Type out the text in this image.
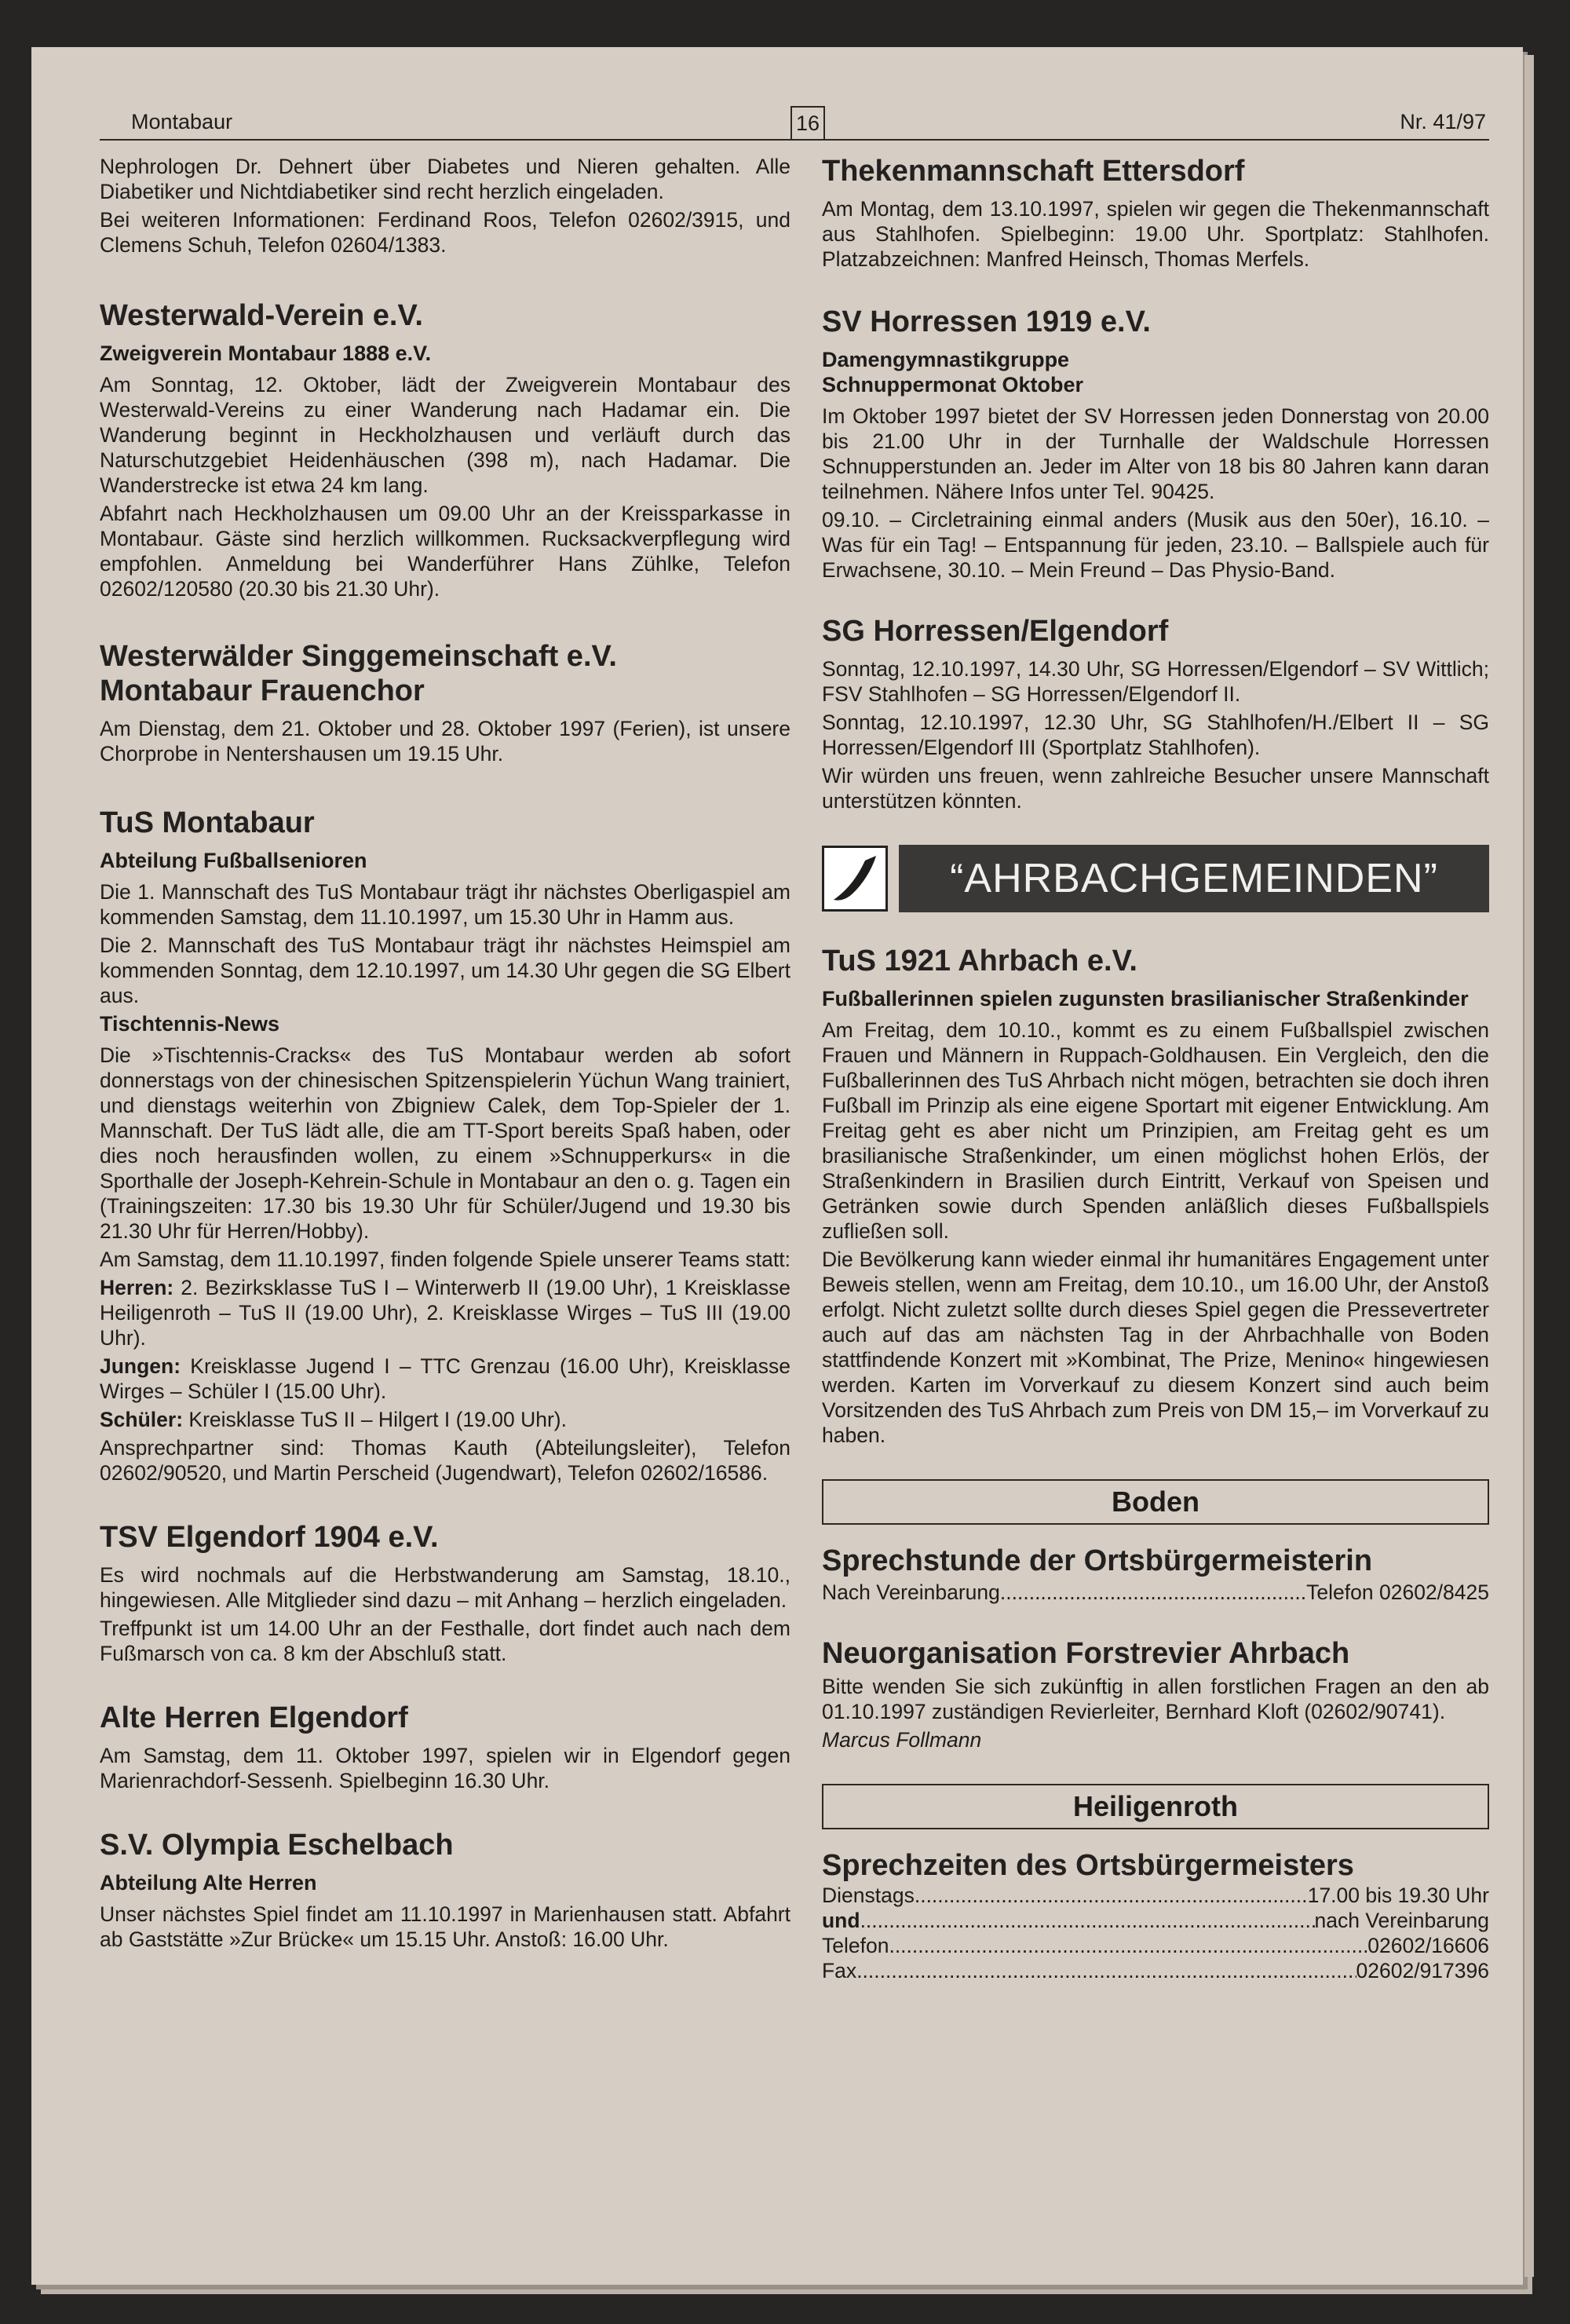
Montabaur	16	Nr. 41/97

Nephrologen Dr. Dehnert über Diabetes und Nieren gehalten. Alle Diabetiker und Nichtdiabetiker sind recht herzlich eingeladen.

Bei weiteren Informationen: Ferdinand Roos, Telefon 02602/3915, und Clemens Schuh, Telefon 02604/1383.

Westerwald-Verein e.V.
Zweigverein Montabaur 1888 e.V.

Am Sonntag, 12. Oktober, lädt der Zweigverein Montabaur des Westerwald-Vereins zu einer Wanderung nach Hadamar ein. Die Wanderung beginnt in Heckholzhausen und verläuft durch das Naturschutzgebiet Heidenhäuschen (398 m), nach Hadamar. Die Wanderstrecke ist etwa 24 km lang.

Abfahrt nach Heckholzhausen um 09.00 Uhr an der Kreissparkasse in Montabaur. Gäste sind herzlich willkommen. Rucksackverpflegung wird empfohlen. Anmeldung bei Wanderführer Hans Zühlke, Telefon 02602/120580 (20.30 bis 21.30 Uhr).

Westerwälder Singgemeinschaft e.V.
Montabaur Frauenchor

Am Dienstag, dem 21. Oktober und 28. Oktober 1997 (Ferien), ist unsere Chorprobe in Nentershausen um 19.15 Uhr.

TuS Montabaur
Abteilung Fußballsenioren

Die 1. Mannschaft des TuS Montabaur trägt ihr nächstes Oberligaspiel am kommenden Samstag, dem 11.10.1997, um 15.30 Uhr in Hamm aus.

Die 2. Mannschaft des TuS Montabaur trägt ihr nächstes Heimspiel am kommenden Sonntag, dem 12.10.1997, um 14.30 Uhr gegen die SG Elbert aus.

Tischtennis-News

Die »Tischtennis-Cracks« des TuS Montabaur werden ab sofort donnerstags von der chinesischen Spitzenspielerin Yüchun Wang trainiert, und dienstags weiterhin von Zbigniew Calek, dem Top-Spieler der 1. Mannschaft. Der TuS lädt alle, die am TT-Sport bereits Spaß haben, oder dies noch herausfinden wollen, zu einem »Schnupperkurs« in die Sporthalle der Joseph-Kehrein-Schule in Montabaur an den o. g. Tagen ein (Trainingszeiten: 17.30 bis 19.30 Uhr für Schüler/Jugend und 19.30 bis 21.30 Uhr für Herren/Hobby).

Am Samstag, dem 11.10.1997, finden folgende Spiele unserer Teams statt:

Herren: 2. Bezirksklasse TuS I – Winterwerb II (19.00 Uhr), 1 Kreisklasse Heiligenroth – TuS II (19.00 Uhr), 2. Kreisklasse Wirges – TuS III (19.00 Uhr).

Jungen: Kreisklasse Jugend I – TTC Grenzau (16.00 Uhr), Kreisklasse Wirges – Schüler I (15.00 Uhr).

Schüler: Kreisklasse TuS II – Hilgert I (19.00 Uhr).

Ansprechpartner sind: Thomas Kauth (Abteilungsleiter), Telefon 02602/90520, und Martin Perscheid (Jugendwart), Telefon 02602/16586.

TSV Elgendorf 1904 e.V.

Es wird nochmals auf die Herbstwanderung am Samstag, 18.10., hingewiesen. Alle Mitglieder sind dazu – mit Anhang – herzlich eingeladen.

Treffpunkt ist um 14.00 Uhr an der Festhalle, dort findet auch nach dem Fußmarsch von ca. 8 km der Abschluß statt.

Alte Herren Elgendorf

Am Samstag, dem 11. Oktober 1997, spielen wir in Elgendorf gegen Marienrachdorf-Sessenh. Spielbeginn 16.30 Uhr.

S.V. Olympia Eschelbach
Abteilung Alte Herren

Unser nächstes Spiel findet am 11.10.1997 in Marienhausen statt. Abfahrt ab Gaststätte »Zur Brücke« um 15.15 Uhr. Anstoß: 16.00 Uhr.

Thekenmannschaft Ettersdorf

Am Montag, dem 13.10.1997, spielen wir gegen die Thekenmannschaft aus Stahlhofen. Spielbeginn: 19.00 Uhr. Sportplatz: Stahlhofen. Platzabzeichnen: Manfred Heinsch, Thomas Merfels.

SV Horressen 1919 e.V.
Damengymnastikgruppe
Schnuppermonat Oktober

Im Oktober 1997 bietet der SV Horressen jeden Donnerstag von 20.00 bis 21.00 Uhr in der Turnhalle der Waldschule Horressen Schnupperstunden an. Jeder im Alter von 18 bis 80 Jahren kann daran teilnehmen. Nähere Infos unter Tel. 90425.

09.10. – Circletraining einmal anders (Musik aus den 50er), 16.10. – Was für ein Tag! – Entspannung für jeden, 23.10. – Ballspiele auch für Erwachsene, 30.10. – Mein Freund – Das Physio-Band.

SG Horressen/Elgendorf

Sonntag, 12.10.1997, 14.30 Uhr, SG Horressen/Elgendorf – SV Wittlich; FSV Stahlhofen – SG Horressen/Elgendorf II.

Sonntag, 12.10.1997, 12.30 Uhr, SG Stahlhofen/H./Elbert II – SG Horressen/Elgendorf III (Sportplatz Stahlhofen).

Wir würden uns freuen, wenn zahlreiche Besucher unsere Mannschaft unterstützen könnten.

“AHRBACHGEMEINDEN”
TuS 1921 Ahrbach e.V.
Fußballerinnen spielen zugunsten brasilianischer Straßenkinder

Am Freitag, dem 10.10., kommt es zu einem Fußballspiel zwischen Frauen und Männern in Ruppach-Goldhausen. Ein Vergleich, den die Fußballerinnen des TuS Ahrbach nicht mögen, betrachten sie doch ihren Fußball im Prinzip als eine eigene Sportart mit eigener Entwicklung. Am Freitag geht es aber nicht um Prinzipien, am Freitag geht es um brasilianische Straßenkinder, um einen möglichst hohen Erlös, der Straßenkindern in Brasilien durch Eintritt, Verkauf von Speisen und Getränken sowie durch Spenden anläßlich dieses Fußballspiels zufließen soll.

Die Bevölkerung kann wieder einmal ihr humanitäres Engagement unter Beweis stellen, wenn am Freitag, dem 10.10., um 16.00 Uhr, der Anstoß erfolgt. Nicht zuletzt sollte durch dieses Spiel gegen die Pressevertreter auch auf das am nächsten Tag in der Ahrbachhalle von Boden stattfindende Konzert mit »Kombinat, The Prize, Menino« hingewiesen werden. Karten im Vorverkauf zu diesem Konzert sind auch beim Vorsitzenden des TuS Ahrbach zum Preis von DM 15,– im Vorverkauf zu haben.

Boden
Sprechstunde der Ortsbürgermeisterin
Nach Vereinbarung .....	Telefon 02602/8425
Neuorganisation Forstrevier Ahrbach

Bitte wenden Sie sich zukünftig in allen forstlichen Fragen an den ab 01.10.1997 zuständigen Revierleiter, Bernhard Kloft (02602/90741).

Marcus Follmann

Heiligenroth
Sprechzeiten des Ortsbürgermeisters
Dienstags .....	17.00 bis 19.30 Uhr
und .....	nach Vereinbarung
Telefon .....	02602/16606
Fax .....	02602/917396
